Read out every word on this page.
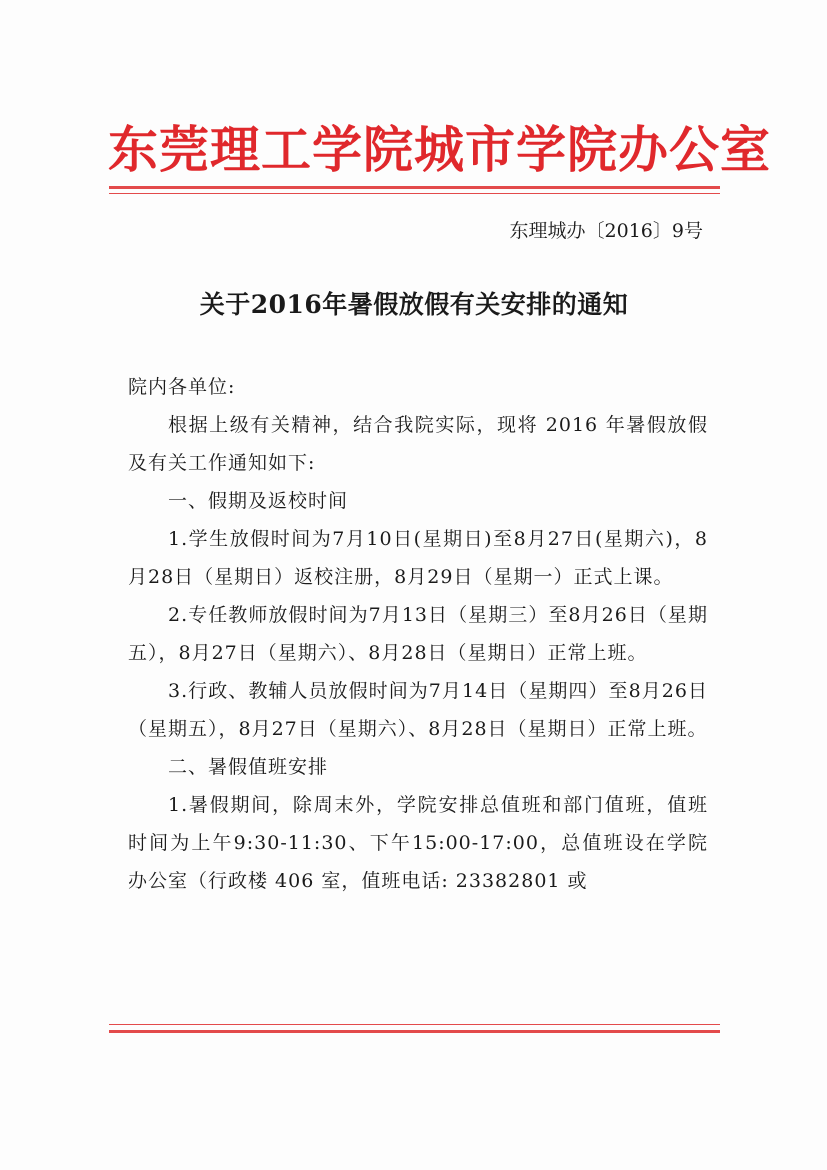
东莞理工学院城市学院办公室
东理城办〔2016〕9号
关于2016年暑假放假有关安排的通知

院内各单位:

根据上级有关精神，结合我院实际，现将 2016 年暑假放假及有关工作通知如下:

一、假期及返校时间

1.学生放假时间为7月10日(星期日)至8月27日(星期六)，8月28日（星期日）返校注册，8月29日（星期一）正式上课。

2.专任教师放假时间为7月13日（星期三）至8月26日（星期五），8月27日（星期六）、8月28日（星期日）正常上班。

3.行政、教辅人员放假时间为7月14日（星期四）至8月26日（星期五），8月27日（星期六）、8月28日（星期日）正常上班。

二、暑假值班安排

1.暑假期间，除周末外，学院安排总值班和部门值班，值班时间为上午9:30-11:30、下午15:00-17:00，总值班设在学院办公室（行政楼 406 室，值班电话: 23382801 或
